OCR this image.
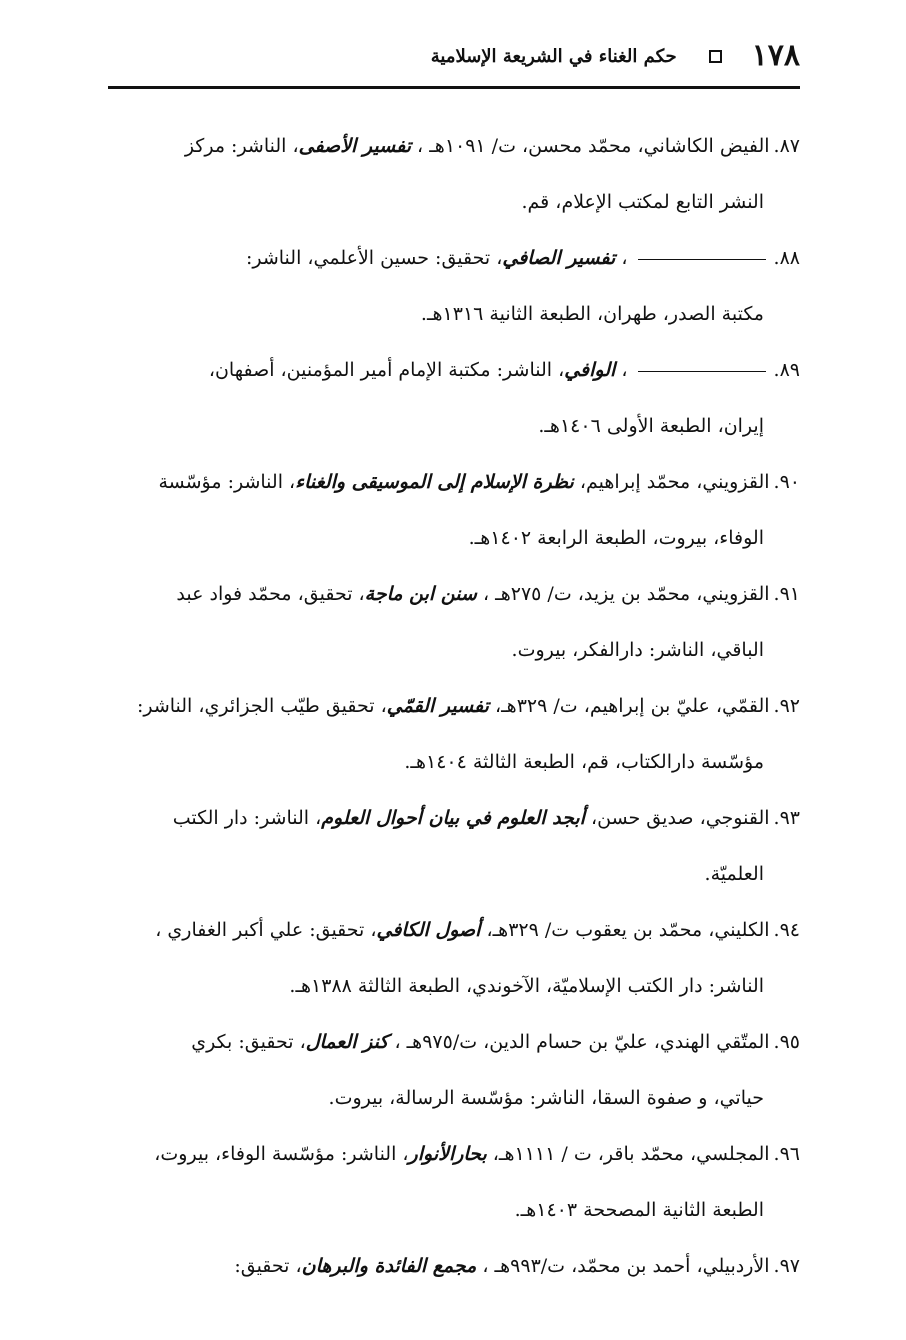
١٧٨
حكم الغناء في الشريعة الإسلامية
٨٧.الفيض الكاشاني، محمّد محسن، ت/ ١٠٩١هـ ، تفسير الأصفى، الناشر: مركز
النشر التابع لمكتب الإعلام، قم.
٨٨. ، تفسير الصافي، تحقيق: حسين الأعلمي، الناشر:
مكتبة الصدر، طهران، الطبعة الثانية ١٣١٦هـ.
٨٩. ، الوافي، الناشر: مكتبة الإمام أمير المؤمنين، أصفهان،
إيران، الطبعة الأولى ١٤٠٦هـ.
٩٠.القزويني، محمّد إبراهيم، نظرة الإسلام إلى الموسيقى والغناء، الناشر: مؤسّسة
الوفاء، بيروت، الطبعة الرابعة ١٤٠٢هـ.
٩١.القزويني، محمّد بن يزيد، ت/ ٢٧٥هـ ، سنن ابن ماجة، تحقيق، محمّد فواد عبد
الباقي، الناشر: دارالفكر، بيروت.
٩٢.القمّي، عليّ بن إبراهيم، ت/ ٣٢٩هـ، تفسير القمّي، تحقيق طيّب الجزائري، الناشر:
مؤسّسة دارالكتاب، قم، الطبعة الثالثة ١٤٠٤هـ.
٩٣.القنوجي، صديق حسن، أبجد العلوم في بيان أحوال العلوم، الناشر: دار الكتب
العلميّة.
٩٤.الكليني، محمّد بن يعقوب ت/ ٣٢٩هـ، أصول الكافي، تحقيق: علي أكبر الغفاري ،
الناشر: دار الكتب الإسلاميّة، الآخوندي، الطبعة الثالثة ١٣٨٨هـ.
٩٥.المتّقي الهندي، عليّ بن حسام الدين، ت/٩٧٥هـ ، كنز العمال، تحقيق: بكري
حياتي، و صفوة السقا، الناشر: مؤسّسة الرسالة، بيروت.
٩٦.المجلسي، محمّد باقر، ت / ١١١١هـ، بحارالأنوار، الناشر: مؤسّسة الوفاء، بيروت،
الطبعة الثانية المصححة ١٤٠٣هـ.
٩٧.الأردبيلي، أحمد بن محمّد، ت/٩٩٣هـ ، مجمع الفائدة والبرهان، تحقيق:
